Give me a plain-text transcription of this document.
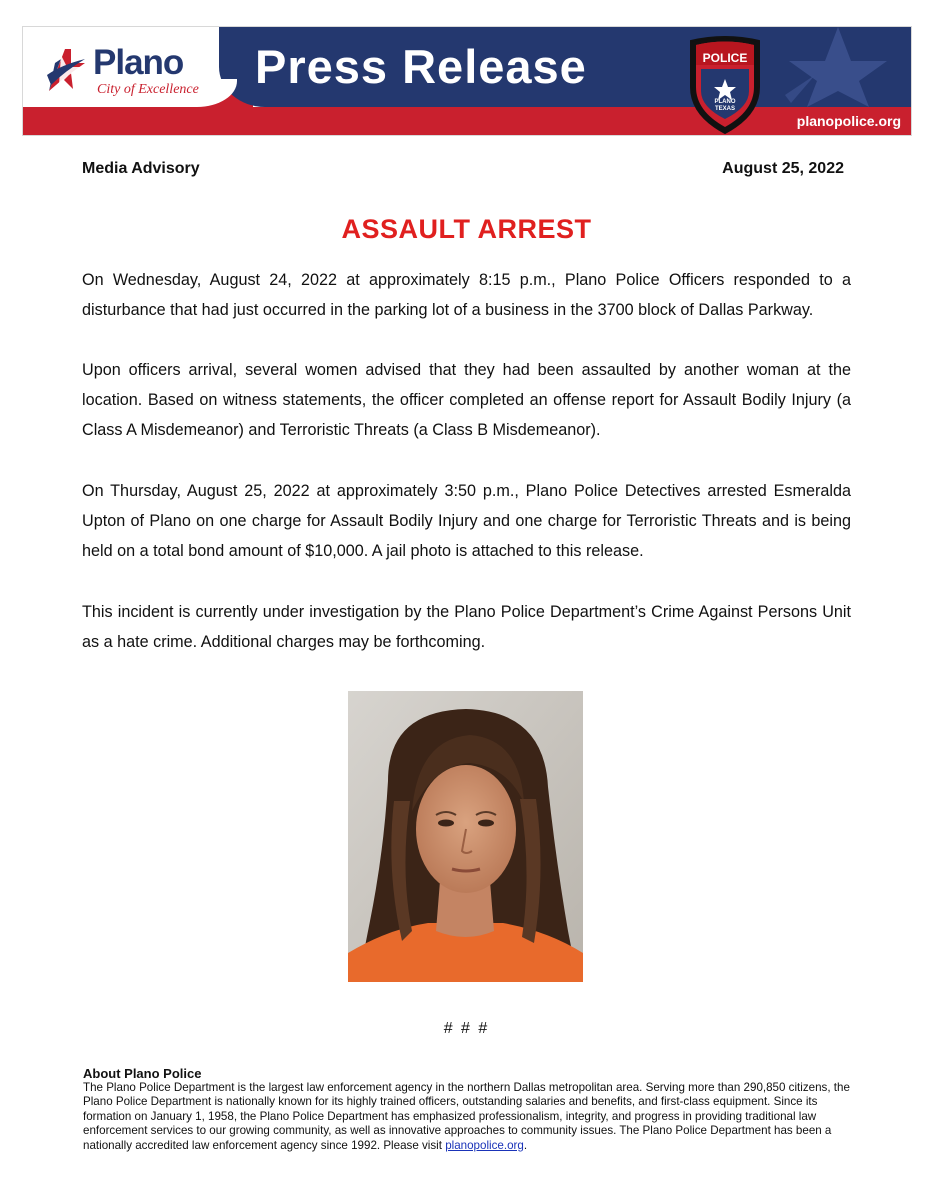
Plano
City of Excellence Press Release	POLICE
PLANO
TEXAS
planopolice.org
Media Advisory	August 25, 2022
ASSAULT ARREST

On Wednesday, August 24, 2022 at approximately 8:15 p.m., Plano Police Officers responded to a disturbance that had just occurred in the parking lot of a business in the 3700 block of Dallas Parkway.

Upon officers arrival, several women advised that they had been assaulted by another woman at the location. Based on witness statements, the officer completed an offense report for Assault Bodily Injury (a Class A Misdemeanor) and Terroristic Threats (a Class B Misdemeanor).

On Thursday, August 25, 2022 at approximately 3:50 p.m., Plano Police Detectives arrested Esmeralda Upton of Plano on one charge for Assault Bodily Injury and one charge for Terroristic Threats and is being held on a total bond amount of $10,000. A jail photo is attached to this release.

This incident is currently under investigation by the Plano Police Department’s Crime Against Persons Unit as a hate crime. Additional charges may be forthcoming.

# # #
About Plano Police
The Plano Police Department is the largest law enforcement agency in the northern Dallas metropolitan area. Serving more than 290,850 citizens, the Plano Police Department is nationally known for its highly trained officers, outstanding salaries and benefits, and first-class equipment. Since its formation on January 1, 1958, the Plano Police Department has emphasized professionalism, integrity, and progress in providing traditional law enforcement services to our growing community, as well as innovative approaches to community issues. The Plano Police Department has been a nationally accredited law enforcement agency since 1992. Please visit planopolice.org.
